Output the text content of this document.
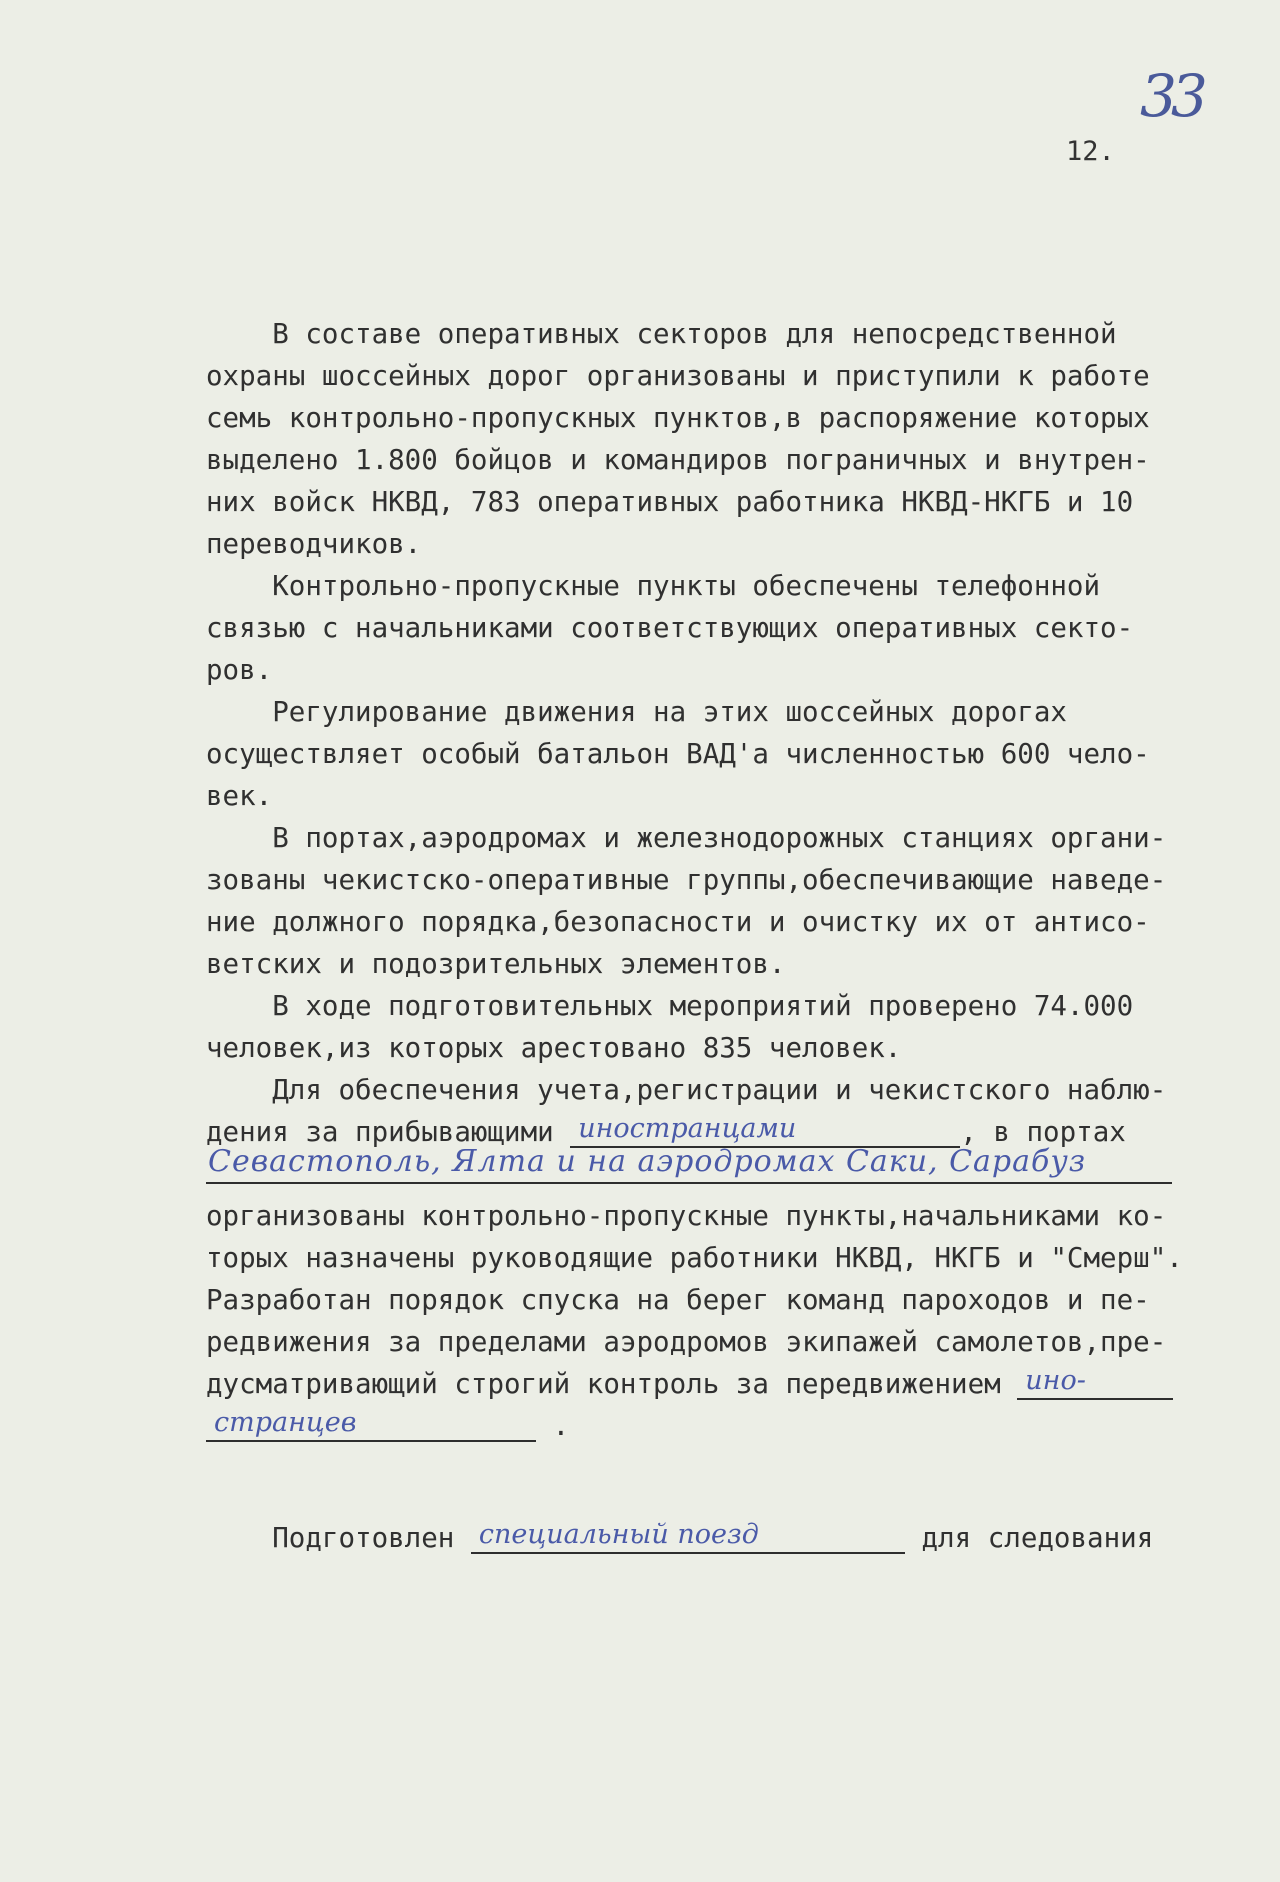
33
12.
В составе оперативных секторов для непосредственной
охраны шоссейных дорог организованы и приступили к работе
семь контрольно-пропускных пунктов,в распоряжение которых
выделено 1.800 бойцов и командиров пограничных и внутрен-
них войск НКВД, 783 оперативных работника НКВД-НКГБ и 10
переводчиков.
Контрольно-пропускные пункты обеспечены телефонной
связью с начальниками соответствующих оперативных секто-
ров.
Регулирование движения на этих шоссейных дорогах
осуществляет особый батальон ВАД'а численностью 600 чело-
век.
В портах,аэродромах и железнодорожных станциях органи-
зованы чекистско-оперативные группы,обеспечивающие наведе-
ние должного порядка,безопасности и очистку их от антисо-
ветских и подозрительных элементов.
В ходе подготовительных мероприятий проверено 74.000
человек,из которых арестовано 835 человек.
Для обеспечения учета,регистрации и чекистского наблю-
дения за прибывающими иностранцами	, в портах
Севастополь, Ялта и на аэродромах Саки, Сарабуз
организованы контрольно-пропускные пункты,начальниками ко-
торых назначены руководящие работники НКВД, НКГБ и "Смерш".
Разработан порядок спуска на берег команд пароходов и пе-
редвижения за пределами аэродромов экипажей самолетов,пре-
дусматривающий строгий контроль за передвижением ино-
странцев	.
Подготовлен специальный поезд	для следования
